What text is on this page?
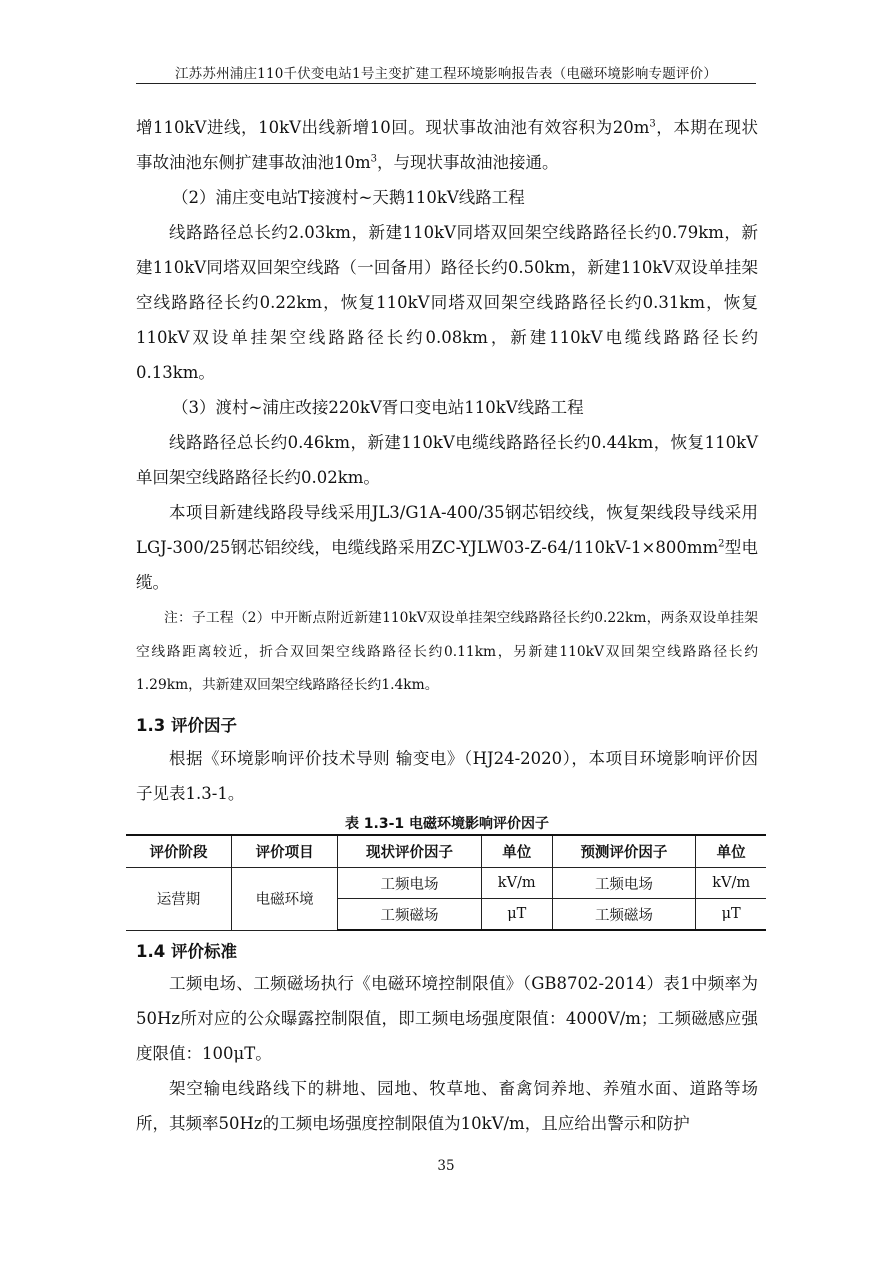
江苏苏州浦庄110千伏变电站1号主变扩建工程环境影响报告表（电磁环境影响专题评价）

增110kV进线，10kV出线新增10回。现状事故油池有效容积为$20m^3$，本期在现状事故油池东侧扩建事故油池$10m^3$，与现状事故油池接通。

（2）浦庄变电站T接渡村~天鹅110kV线路工程

线路路径总长约2.03km，新建110kV同塔双回架空线路路径长约0.79km，新建110kV同塔双回架空线路（一回备用）路径长约0.50km，新建110kV双设单挂架空线路路径长约0.22km，恢复110kV同塔双回架空线路路径长约0.31km，恢复110kV双设单挂架空线路路径长约0.08km，新建110kV电缆线路路径长约0.13km。

（3）渡村~浦庄改接220kV胥口变电站110kV线路工程

线路路径总长约0.46km，新建110kV电缆线路路径长约0.44km，恢复110kV单回架空线路路径长约0.02km。

本项目新建线路段导线采用JL3/G1A-400/35钢芯铝绞线，恢复架线段导线采用LGJ-300/25钢芯铝绞线，电缆线路采用$ZC-YJLW03-Z-64/110kV-1\times 800mm^2$型电缆。

注：子工程（2）中开断点附近新建110kV双设单挂架空线路路径长约0.22km，两条双设单挂架空线路距离较近，折合双回架空线路路径长约0.11km，另新建110kV双回架空线路路径长约1.29km，共新建双回架空线路路径长约1.4km。

1.3 评价因子

根据《环境影响评价技术导则 输变电》（HJ24-2020），本项目环境影响评价因子见表1.3-1。

表 1.3-1 电磁环境影响评价因子
评价阶段	评价项目	现状评价因子	单位	预测评价因子	单位
运营期	电磁环境	工频电场	kV/m	工频电场	kV/m
		工频磁场	μT	工频磁场	μT

1.4 评价标准

工频电场、工频磁场执行《电磁环境控制限值》（GB8702-2014）表1中频率为50Hz所对应的公众曝露控制限值，即工频电场强度限值：4000V/m；工频磁感应强度限值：100μT。

架空输电线路线下的耕地、园地、牧草地、畜禽饲养地、养殖水面、道路等场所，其频率50Hz的工频电场强度控制限值为10kV/m，且应给出警示和防护

35
